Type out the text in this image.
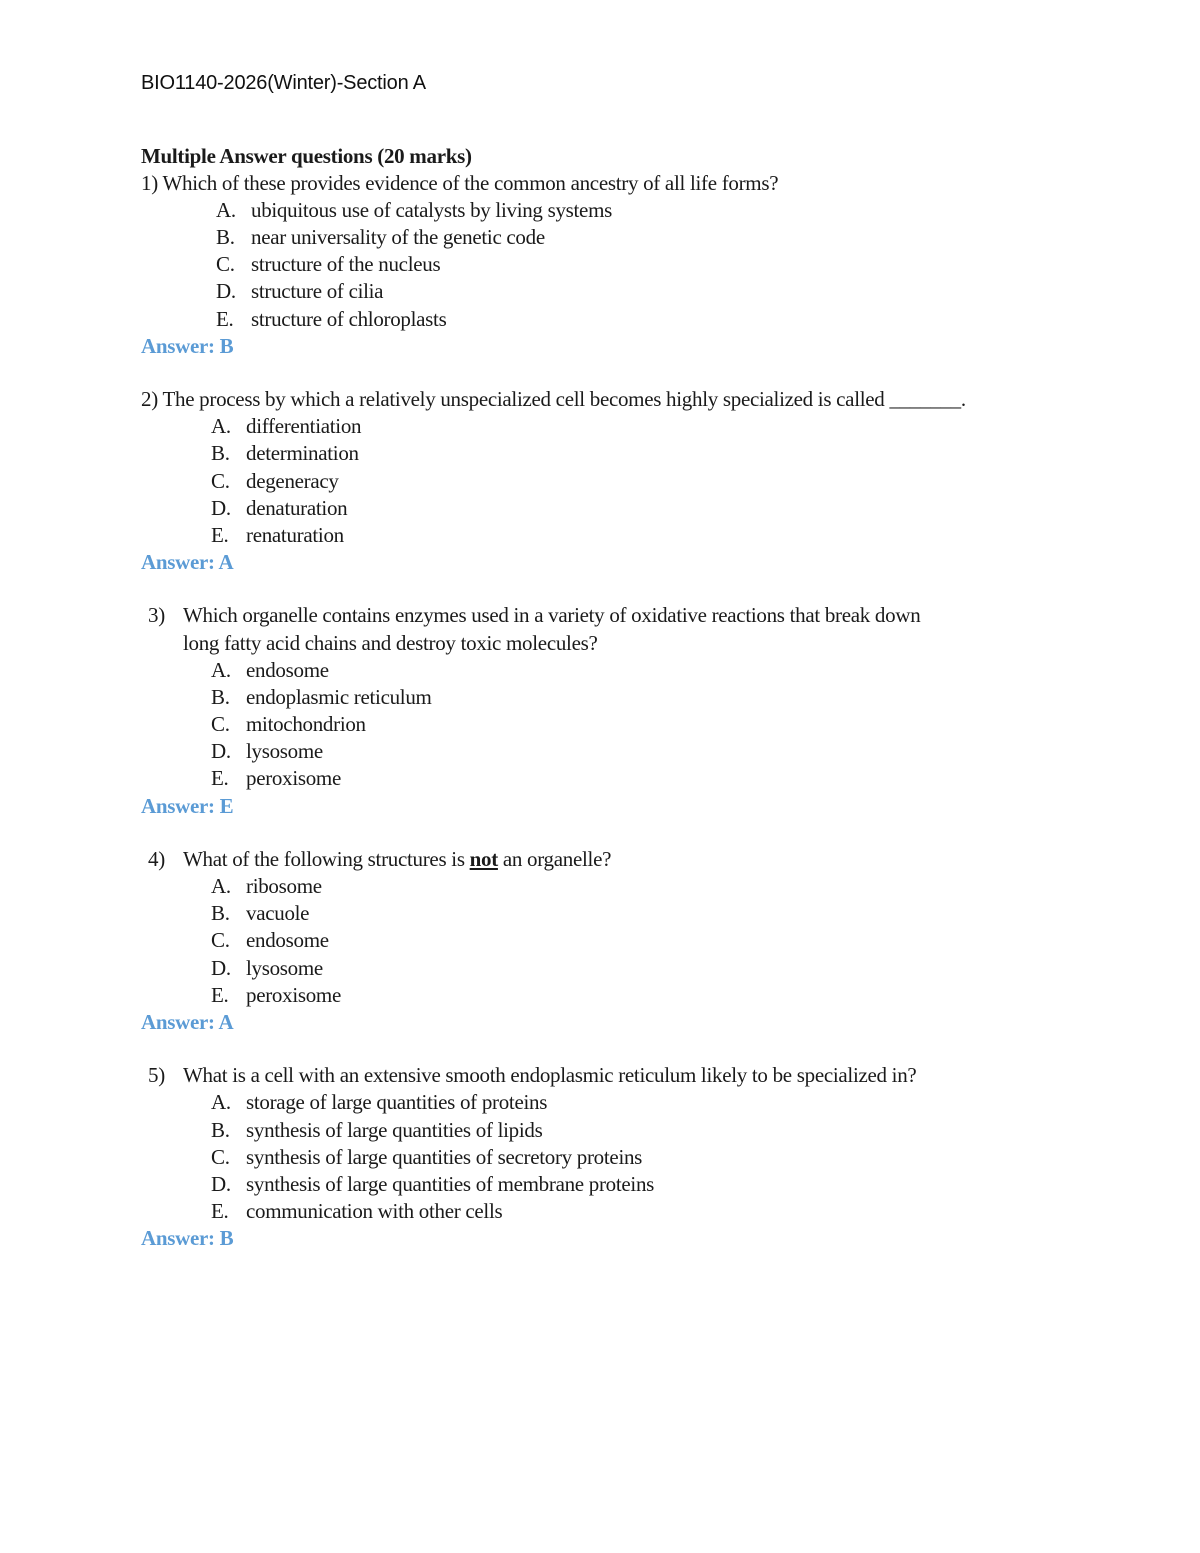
BIO1140-2026(Winter)-Section A
Multiple Answer questions (20 marks)
1) Which of these provides evidence of the common ancestry of all life forms?
A. ubiquitous use of catalysts by living systems
B. near universality of the genetic code
C. structure of the nucleus
D. structure of cilia
E. structure of chloroplasts
Answer: B
2) The process by which a relatively unspecialized cell becomes highly specialized is called _______.
A. differentiation
B. determination
C. degeneracy
D. denaturation
E. renaturation
Answer: A
3) Which organelle contains enzymes used in a variety of oxidative reactions that break down
long fatty acid chains and destroy toxic molecules?
A. endosome
B. endoplasmic reticulum
C. mitochondrion
D. lysosome
E. peroxisome
Answer: E
4) What of the following structures is not an organelle?
A. ribosome
B. vacuole
C. endosome
D. lysosome
E. peroxisome
Answer: A
5) What is a cell with an extensive smooth endoplasmic reticulum likely to be specialized in?
A. storage of large quantities of proteins
B. synthesis of large quantities of lipids
C. synthesis of large quantities of secretory proteins
D. synthesis of large quantities of membrane proteins
E. communication with other cells
Answer: B
